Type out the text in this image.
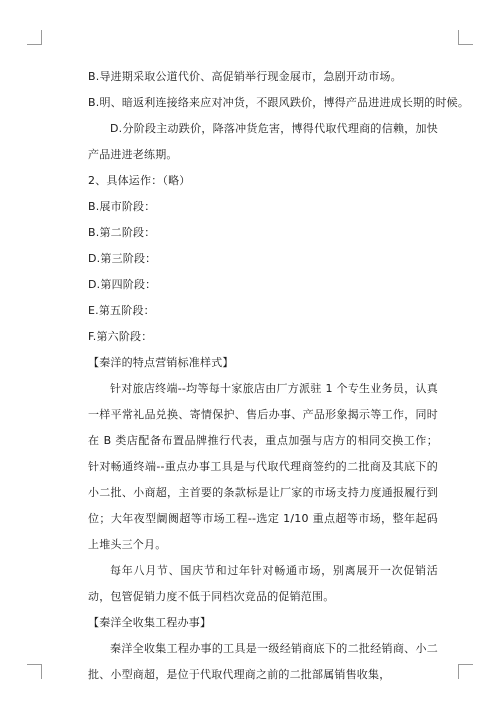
B.导进期采取公道代价、高促销举行现金展市，急剧开动市场。
B.明、暗返利连接络来应对冲货，不跟风跌价，博得产品进进成长期的时候。

D.分阶段主动跌价，降落冲货危害，博得代取代理商的信赖，加快产品进进老练期。

2、具体运作：（略）
B.展市阶段：
B.第二阶段：
D.第三阶段：
D.第四阶段：
E.第五阶段：
F.第六阶段：
【秦洋的特点营销标准样式】

针对旅店终端--均等每十家旅店由厂方派驻 1 个专生业务员，认真一样平常礼品兑换、寄情保护、售后办事、产品形象揭示等工作，同时在 B 类店配备布置品牌推行代表，重点加强与店方的相同交换工作；针对畅通终端--重点办事工具是与代取代理商签约的二批商及其底下的小二批、小商超，主首要的条款标是让厂家的市场支持力度通报履行到位；大年夜型阛阓超等市场工程--选定 1/10 重点超等市场，整年起码上堆头三个月。

每年八月节、国庆节和过年针对畅通市场，别离展开一次促销活动，包管促销力度不低于同档次竞品的促销范围。

【秦洋全收集工程办事】

秦洋全收集工程办事的工具是一级经销商底下的二批经销商、小二批、小型商超，是位于代取代理商之前的二批部属销售收集，
